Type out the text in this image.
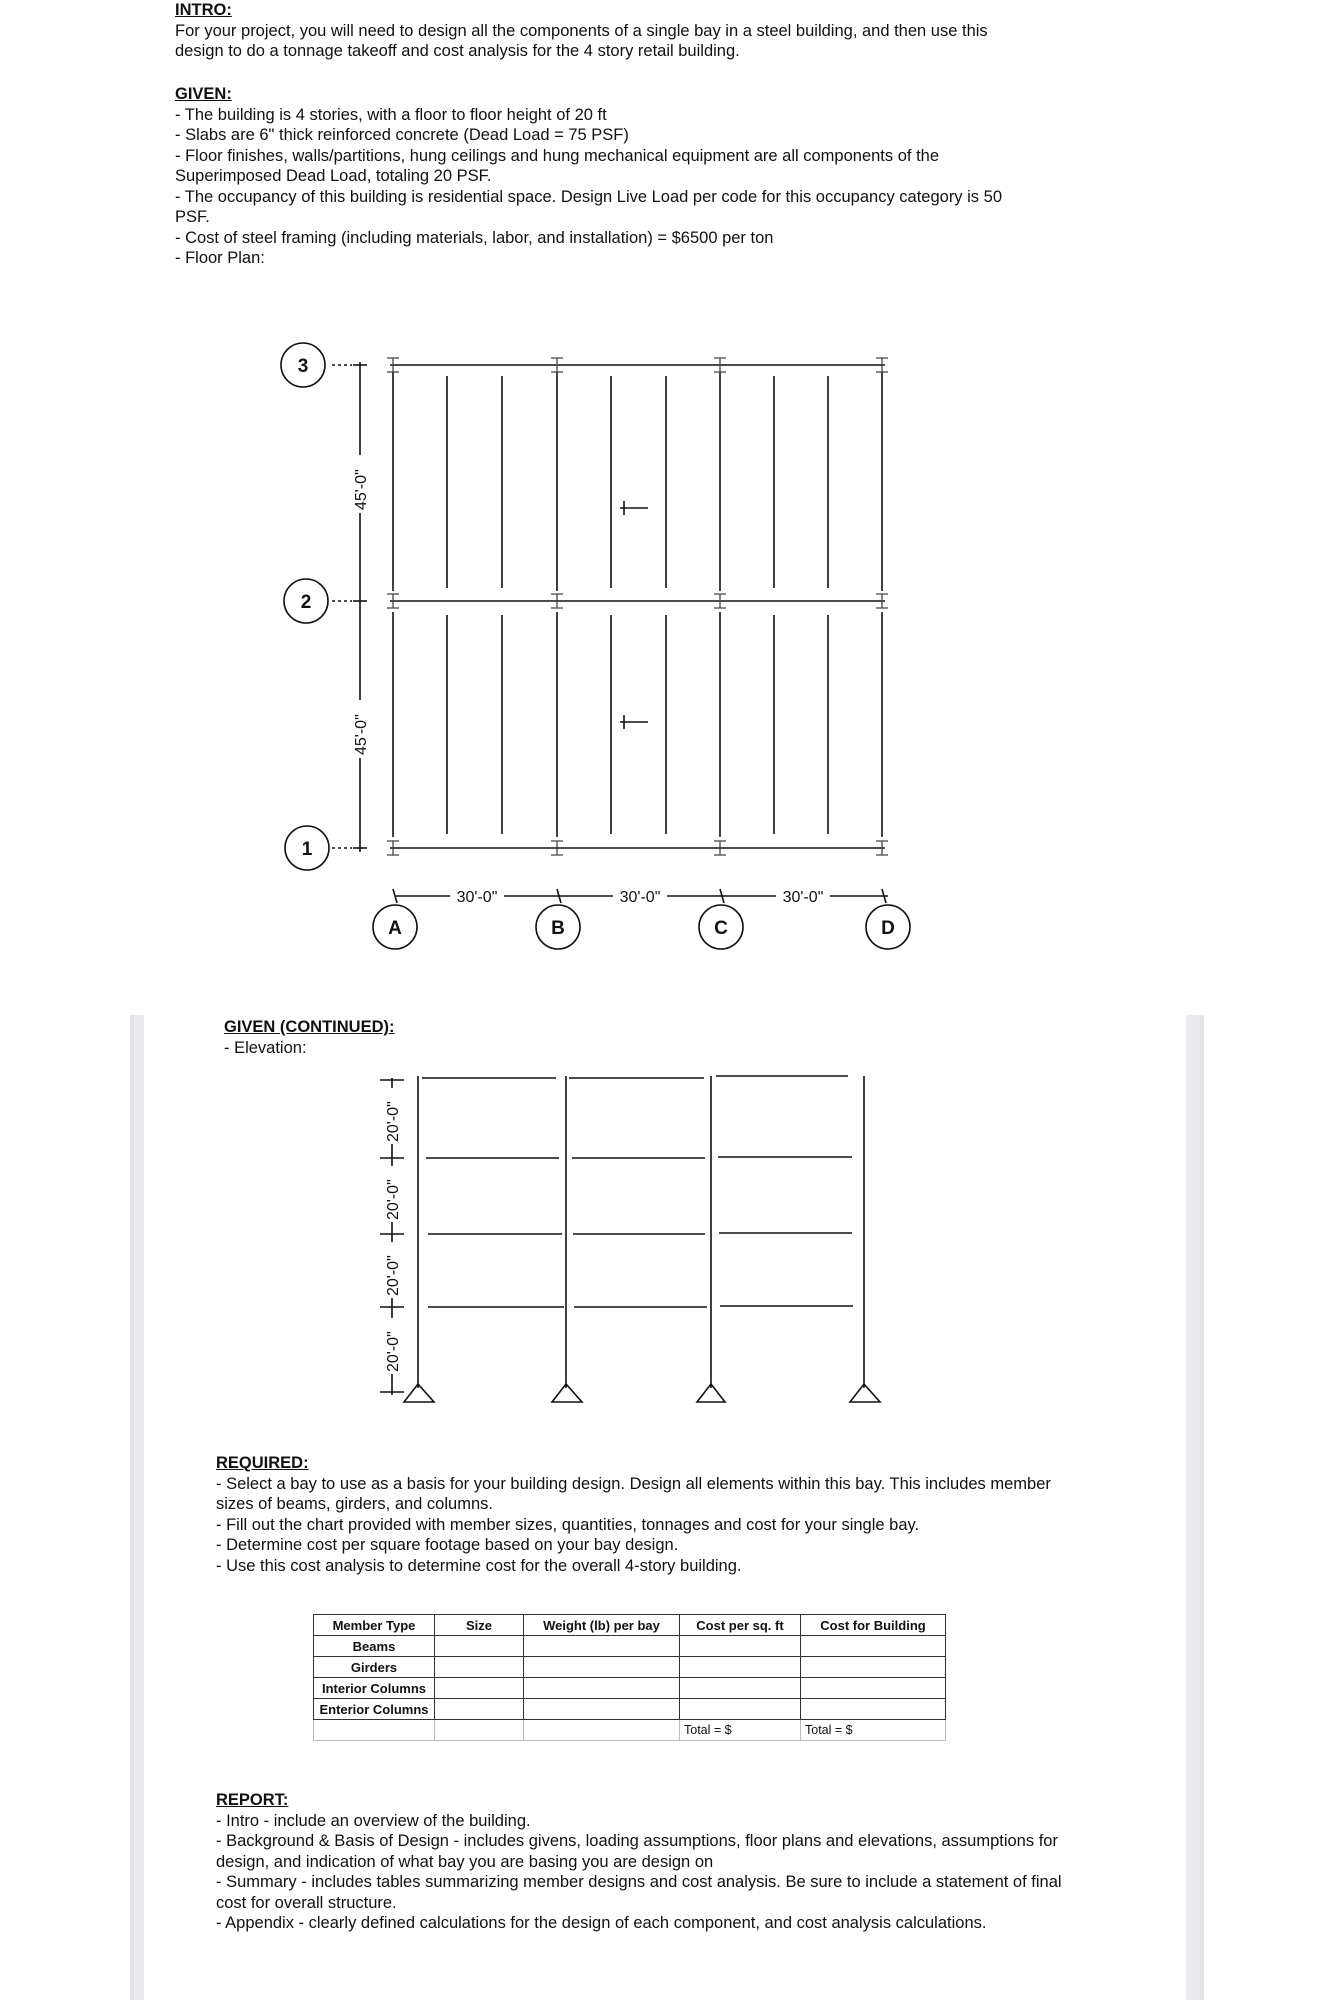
INTRO:
For your project, you will need to design all the components of a single bay in a steel building, and then use this
design to do a tonnage takeoff and cost analysis for the 4 story retail building.
GIVEN:
- The building is 4 stories, with a floor to floor height of 20 ft
- Slabs are 6" thick reinforced concrete (Dead Load = 75 PSF)
- Floor finishes, walls/partitions, hung ceilings and hung mechanical equipment are all components of the
Superimposed Dead Load, totaling 20 PSF.
- The occupancy of this building is residential space. Design Live Load per code for this occupancy category is 50
PSF.
- Cost of steel framing (including materials, labor, and installation) = $6500 per ton
- Floor Plan:
3
2
1
A	B	C	D
45'-0"
45'-0"
30'-0"	30'-0"	30'-0"
GIVEN (CONTINUED):
- Elevation:
20'-0"
20'-0"
20'-0"
20'-0"
REQUIRED:
- Select a bay to use as a basis for your building design. Design all elements within this bay. This includes member
sizes of beams, girders, and columns.
- Fill out the chart provided with member sizes, quantities, tonnages and cost for your single bay.
- Determine cost per square footage based on your bay design.
- Use this cost analysis to determine cost for the overall 4-story building.
Member Type	Size	Weight (lb) per bay	Cost per sq. ft	Cost for Building
Beams				
Girders				
Interior Columns				
Enterior Columns				
			Total = $	Total = $
REPORT:
- Intro - include an overview of the building.
- Background & Basis of Design - includes givens, loading assumptions, floor plans and elevations, assumptions for
design, and indication of what bay you are basing you are design on
- Summary - includes tables summarizing member designs and cost analysis. Be sure to include a statement of final
cost for overall structure.
- Appendix - clearly defined calculations for the design of each component, and cost analysis calculations.
